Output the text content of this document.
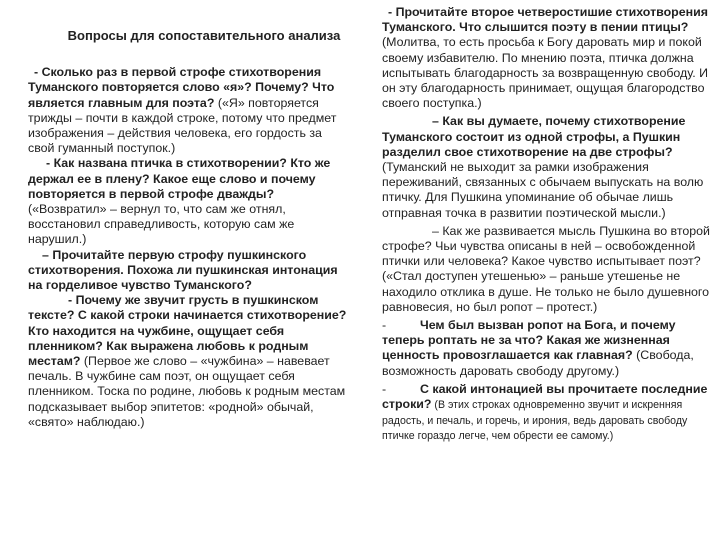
Вопросы для сопоставительного анализа

- Сколько раз в первой строфе стихотворения Туманского повторяется слово «я»? Почему? Что является главным для поэта? («Я» повторяется трижды – почти в каждой строке, потому что предмет изображения – действия человека, его гордость за свой гуманный поступок.)

- Как названа птичка в стихотворении? Кто же держал ее в плену? Какое еще слово и почему повторяется в первой строфе дважды? («Возвратил» – вернул то, что сам же отнял, восстановил справедливость, которую сам же нарушил.)

– Прочитайте первую строфу пушкинского стихотворения. Похожа ли пушкинская интонация на горделивое чувство Туманского?

- Почему же звучит грусть в пушкинском тексте? С какой строки начинается стихотворение? Кто находится на чужбине, ощущает себя пленником? Как выражена любовь к родным местам? (Первое же слово – «чужбина» – навевает печаль. В чужбине сам поэт, он ощущает себя пленником. Тоска по родине, любовь к родным местам подсказывает выбор эпитетов: «родной» обычай, «свято» наблюдаю.)

- Прочитайте второе четверостишие стихотворения Туманского. Что слышится поэту в пении птицы? (Молитва, то есть просьба к Богу даровать мир и покой своему избавителю. По мнению поэта, птичка должна испытывать благодарность за возвращенную свободу. И он эту благодарность принимает, ощущая благородство своего поступка.)

– Как вы думаете, почему стихотворение Туманского состоит из одной строфы, а Пушкин разделил свое стихотворение на две строфы? (Туманский не выходит за рамки изображения переживаний, связанных с обычаем выпускать на волю птичку. Для Пушкина упоминание об обычае лишь отправная точка в развитии поэтической мысли.)

– Как же развивается мысль Пушкина во второй строфе? Чьи чувства описаны в ней – освобожденной птички или человека? Какое чувство испытывает поэт? («Стал доступен утешенью» – раньше утешенье не находило отклика в душе. Не только не было душевного равновесия, но был ропот – протест.)

-	Чем был вызван ропот на Бога, и почему теперь роптать не за что? Какая же жизненная ценность провозглашается как главная? (Свобода, возможность даровать свободу другому.)

-	С какой интонацией вы прочитаете последние строки? (В этих строках одновременно звучит и искренняя радость, и печаль, и горечь, и ирония, ведь даровать свободу птичке гораздо легче, чем обрести ее самому.)
